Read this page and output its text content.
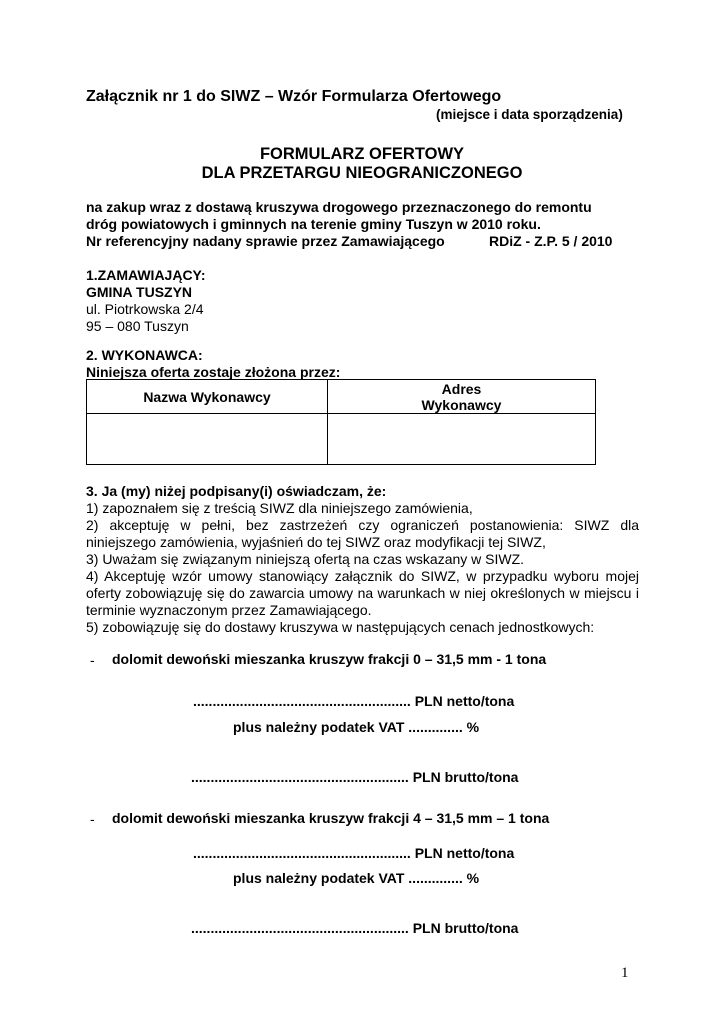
Załącznik nr 1 do SIWZ – Wzór Formularza Ofertowego
(miejsce i data sporządzenia)
FORMULARZ OFERTOWY
DLA PRZETARGU NIEOGRANICZONEGO
na zakup wraz z dostawą kruszywa drogowego przeznaczonego do remontu
dróg powiatowych i gminnych na terenie gminy Tuszyn w 2010 roku.
Nr referencyjny nadany sprawie przez Zamawiającego	RDiZ - Z.P. 5 / 2010
1.ZAMAWIAJĄCY:
GMINA TUSZYN
ul. Piotrkowska 2/4
95 – 080 Tuszyn
2. WYKONAWCA:
Niniejsza oferta zostaje złożona przez:
Nazwa Wykonawcy	Adres
Wykonawcy

3. Ja (my) niżej podpisany(i) oświadczam, że:
1) zapoznałem się z treścią SIWZ dla niniejszego zamówienia,
2) akceptuję w pełni, bez zastrzeżeń czy ograniczeń postanowienia: SIWZ dla niniejszego zamówienia, wyjaśnień do tej SIWZ oraz modyfikacji tej SIWZ,
3) Uważam się związanym niniejszą ofertą na czas wskazany w SIWZ.
4) Akceptuję wzór umowy stanowiący załącznik do SIWZ, w przypadku wyboru mojej oferty zobowiązuję się do zawarcia umowy na warunkach w niej określonych w miejscu i terminie wyznaczonym przez Zamawiającego.
5) zobowiązuję się do dostawy kruszywa w następujących cenach jednostkowych:
- dolomit dewoński mieszanka kruszyw frakcji 0 – 31,5 mm - 1 tona
........................................................ PLN netto/tona
plus należny podatek VAT .............. %
........................................................ PLN brutto/tona
- dolomit dewoński mieszanka kruszyw frakcji 4 – 31,5 mm – 1 tona
........................................................ PLN netto/tona
plus należny podatek VAT .............. %
........................................................ PLN brutto/tona
1
